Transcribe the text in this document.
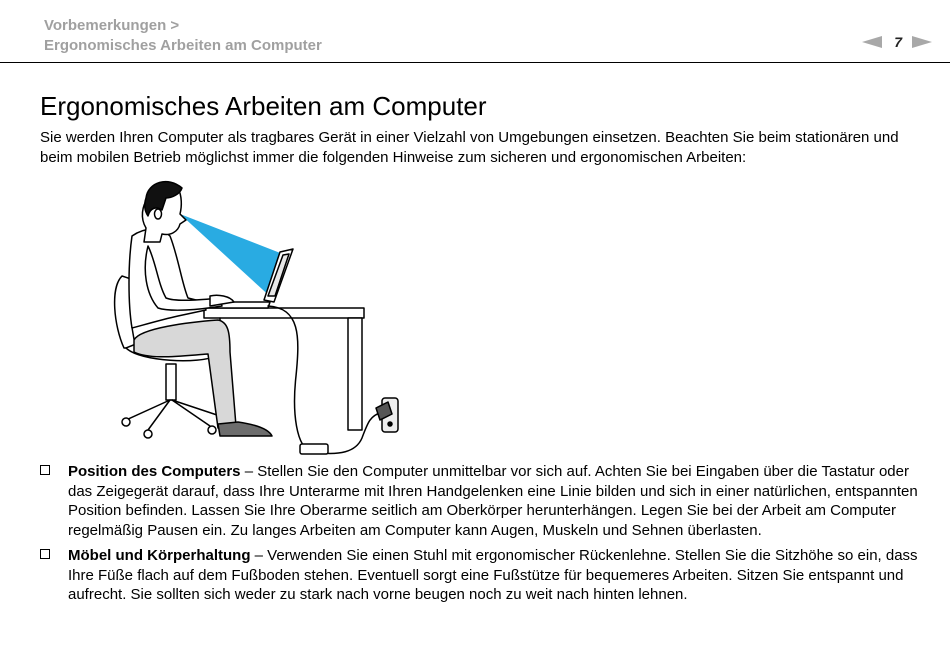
Vorbemerkungen >
Ergonomisches Arbeiten am Computer	7
Ergonomisches Arbeiten am Computer

Sie werden Ihren Computer als tragbares Gerät in einer Vielzahl von Umgebungen einsetzen. Beachten Sie beim stationären und beim mobilen Betrieb möglichst immer die folgenden Hinweise zum sicheren und ergonomischen Arbeiten:

Position des Computers – Stellen Sie den Computer unmittelbar vor sich auf. Achten Sie bei Eingaben über die Tastatur oder das Zeigegerät darauf, dass Ihre Unterarme mit Ihren Handgelenken eine Linie bilden und sich in einer natürlichen, entspannten Position befinden. Lassen Sie Ihre Oberarme seitlich am Oberkörper herunterhängen. Legen Sie bei der Arbeit am Computer regelmäßig Pausen ein. Zu langes Arbeiten am Computer kann Augen, Muskeln und Sehnen überlasten.
Möbel und Körperhaltung – Verwenden Sie einen Stuhl mit ergonomischer Rückenlehne. Stellen Sie die Sitzhöhe so ein, dass Ihre Füße flach auf dem Fußboden stehen. Eventuell sorgt eine Fußstütze für bequemeres Arbeiten. Sitzen Sie entspannt und aufrecht. Sie sollten sich weder zu stark nach vorne beugen noch zu weit nach hinten lehnen.
